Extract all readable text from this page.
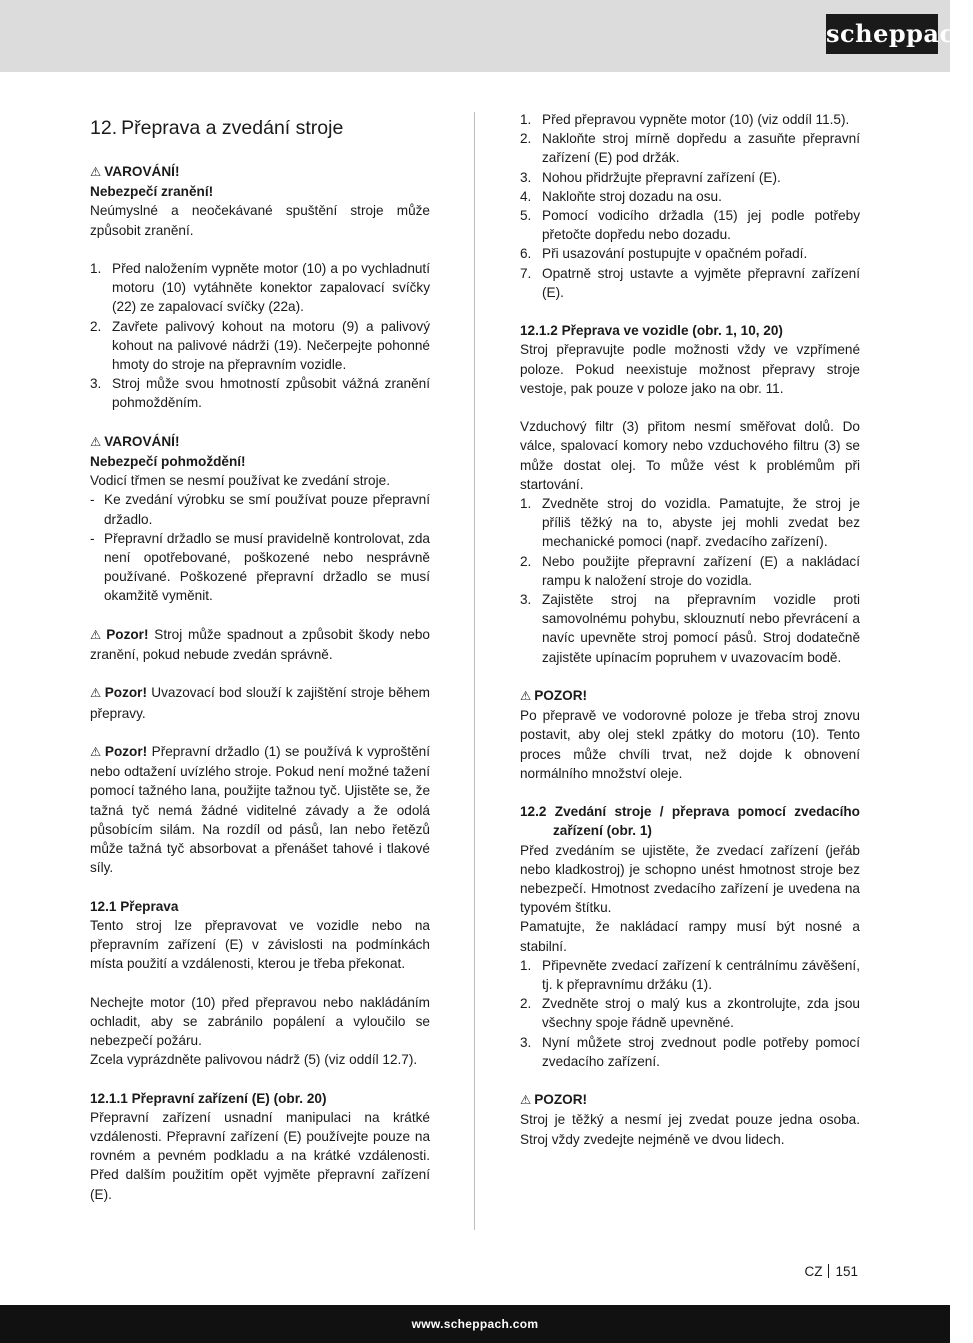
scheppach
12. Přeprava a zvedání stroje

⚠ VAROVÁNÍ!

Nebezpečí zranění!

Neúmyslné a neočekávané spuštění stroje může způsobit zranění.

1. Před naložením vypněte motor (10) a po vychladnutí motoru (10) vytáhněte konektor zapalovací svíčky (22) ze zapalovací svíčky (22a).
2. Zavřete palivový kohout na motoru (9) a palivový kohout na palivové nádrži (19). Nečerpejte pohonné hmoty do stroje na přepravním vozidle.
3. Stroj může svou hmotností způsobit vážná zranění pohmožděním.

⚠ VAROVÁNÍ!

Nebezpečí pohmoždění!

Vodicí třmen se nesmí používat ke zvedání stroje.

- Ke zvedání výrobku se smí používat pouze přepravní držadlo.
- Přepravní držadlo se musí pravidelně kontrolovat, zda není opotřebované, poškozené nebo nesprávně používané. Poškozené přepravní držadlo se musí okamžitě vyměnit.

⚠ Pozor! Stroj může spadnout a způsobit škody nebo zranění, pokud nebude zvedán správně.

⚠ Pozor! Uvazovací bod slouží k zajištění stroje během přepravy.

⚠ Pozor! Přepravní držadlo (1) se používá k vyproštění nebo odtažení uvízlého stroje. Pokud není možné tažení pomocí tažného lana, použijte tažnou tyč. Ujistěte se, že tažná tyč nemá žádné viditelné závady a že odolá působícím silám. Na rozdíl od pásů, lan nebo řetězů může tažná tyč absorbovat a přenášet tahové i tlakové síly.

12.1 Přeprava

Tento stroj lze přepravovat ve vozidle nebo na přepravním zařízení (E) v závislosti na podmínkách místa použití a vzdálenosti, kterou je třeba překonat.

Nechejte motor (10) před přepravou nebo nakládáním ochladit, aby se zabránilo popálení a vyloučilo se nebezpečí požáru.

Zcela vyprázdněte palivovou nádrž (5) (viz oddíl 12.7).

12.1.1 Přepravní zařízení (E) (obr. 20)

Přepravní zařízení usnadní manipulaci na krátké vzdálenosti. Přepravní zařízení (E) používejte pouze na rovném a pevném podkladu a na krátké vzdálenosti. Před dalším použitím opět vyjměte přepravní zařízení (E).

1. Před přepravou vypněte motor (10) (viz oddíl 11.5).
2. Nakloňte stroj mírně dopředu a zasuňte přepravní zařízení (E) pod držák.
3. Nohou přidržujte přepravní zařízení (E).
4. Nakloňte stroj dozadu na osu.
5. Pomocí vodicího držadla (15) jej podle potřeby přetočte dopředu nebo dozadu.
6. Při usazování postupujte v opačném pořadí.
7. Opatrně stroj ustavte a vyjměte přepravní zařízení (E).

12.1.2 Přeprava ve vozidle (obr. 1, 10, 20)

Stroj přepravujte podle možnosti vždy ve vzpřímené poloze. Pokud neexistuje možnost přepravy stroje vestoje, pak pouze v poloze jako na obr. 11.

Vzduchový filtr (3) přitom nesmí směřovat dolů. Do válce, spalovací komory nebo vzduchového filtru (3) se může dostat olej. To může vést k problémům při startování.

1. Zvedněte stroj do vozidla. Pamatujte, že stroj je příliš těžký na to, abyste jej mohli zvedat bez mechanické pomoci (např. zvedacího zařízení).
2. Nebo použijte přepravní zařízení (E) a nakládací rampu k naložení stroje do vozidla.
3. Zajistěte stroj na přepravním vozidle proti samovolnému pohybu, sklouznutí nebo převrácení a navíc upevněte stroj pomocí pásů. Stroj dodatečně zajistěte upínacím popruhem v uvazovacím bodě.

⚠ POZOR!

Po přepravě ve vodorovné poloze je třeba stroj znovu postavit, aby olej stekl zpátky do motoru (10). Tento proces může chvíli trvat, než dojde k obnovení normálního množství oleje.

12.2 Zvedání stroje / přeprava pomocí zvedacího zařízení (obr. 1)

Před zvedáním se ujistěte, že zvedací zařízení (jeřáb nebo kladkostroj) je schopno unést hmotnost stroje bez nebezpečí. Hmotnost zvedacího zařízení je uvedena na typovém štítku.

Pamatujte, že nakládací rampy musí být nosné a stabilní.

1. Připevněte zvedací zařízení k centrálnímu závěšení, tj. k přepravnímu držáku (1).
2. Zvedněte stroj o malý kus a zkontrolujte, zda jsou všechny spoje řádně upevněné.
3. Nyní můžete stroj zvednout podle potřeby pomocí zvedacího zařízení.

⚠ POZOR!

Stroj je těžký a nesmí jej zvedat pouze jedna osoba. Stroj vždy zvedejte nejméně ve dvou lidech.

CZ 151
www.scheppach.com
